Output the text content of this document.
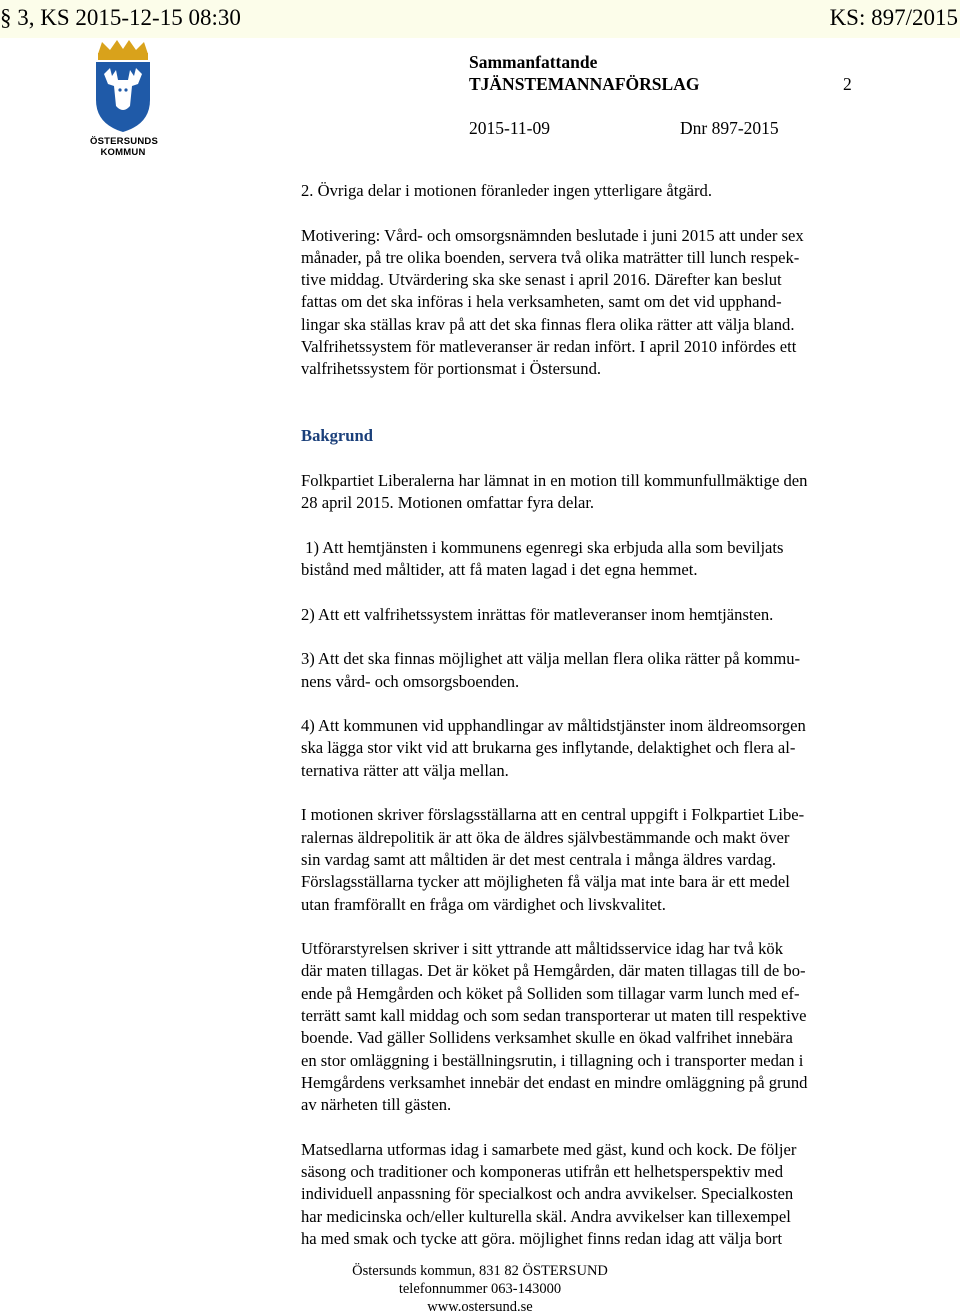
§ 3, KS 2015-12-15 08:30	KS: 897/2015
ÖSTERSUNDS
KOMMUN
Sammanfattande
TJÄNSTEMANNAFÖRSLAG	2
2015-11-09	Dnr 897-2015

2. Övriga delar i motionen föranleder ingen ytterligare åtgärd.

Motivering: Vård- och omsorgsnämnden beslutade i juni 2015 att under sex
månader, på tre olika boenden, servera två olika maträtter till lunch respek-
tive middag. Utvärdering ska ske senast i april 2016. Därefter kan beslut
fattas om det ska införas i hela verksamheten, samt om det vid upphand-
lingar ska ställas krav på att det ska finnas flera olika rätter att välja bland.
Valfrihetssystem för matleveranser är redan infört. I april 2010 infördes ett
valfrihetssystem för portionsmat i Östersund.

Bakgrund

Folkpartiet Liberalerna har lämnat in en motion till kommunfullmäktige den
28 april 2015. Motionen omfattar fyra delar.

1) Att hemtjänsten i kommunens egenregi ska erbjuda alla som beviljats
bistånd med måltider, att få maten lagad i det egna hemmet.

2) Att ett valfrihetssystem inrättas för matleveranser inom hemtjänsten.

3) Att det ska finnas möjlighet att välja mellan flera olika rätter på kommu-
nens vård- och omsorgsboenden.

4) Att kommunen vid upphandlingar av måltidstjänster inom äldreomsorgen
ska lägga stor vikt vid att brukarna ges inflytande, delaktighet och flera al-
ternativa rätter att välja mellan.

I motionen skriver förslagsställarna att en central uppgift i Folkpartiet Libe-
ralernas äldrepolitik är att öka de äldres självbestämmande och makt över
sin vardag samt att måltiden är det mest centrala i många äldres vardag.
Förslagsställarna tycker att möjligheten få välja mat inte bara är ett medel
utan framförallt en fråga om värdighet och livskvalitet.

Utförarstyrelsen skriver i sitt yttrande att måltidsservice idag har två kök
där maten tillagas. Det är köket på Hemgården, där maten tillagas till de bo-
ende på Hemgården och köket på Solliden som tillagar varm lunch med ef-
terrätt samt kall middag och som sedan transporterar ut maten till respektive
boende. Vad gäller Sollidens verksamhet skulle en ökad valfrihet innebära
en stor omläggning i beställningsrutin, i tillagning och i transporter medan i
Hemgårdens verksamhet innebär det endast en mindre omläggning på grund
av närheten till gästen.

Matsedlarna utformas idag i samarbete med gäst, kund och kock. De följer
säsong och traditioner och komponeras utifrån ett helhetsperspektiv med
individuell anpassning för specialkost och andra avvikelser. Specialkosten
har medicinska och/eller kulturella skäl. Andra avvikelser kan tillexempel
ha med smak och tycke att göra. möjlighet finns redan idag att välja bort

Östersunds kommun, 831 82 ÖSTERSUND
telefonnummer 063-143000
www.ostersund.se
